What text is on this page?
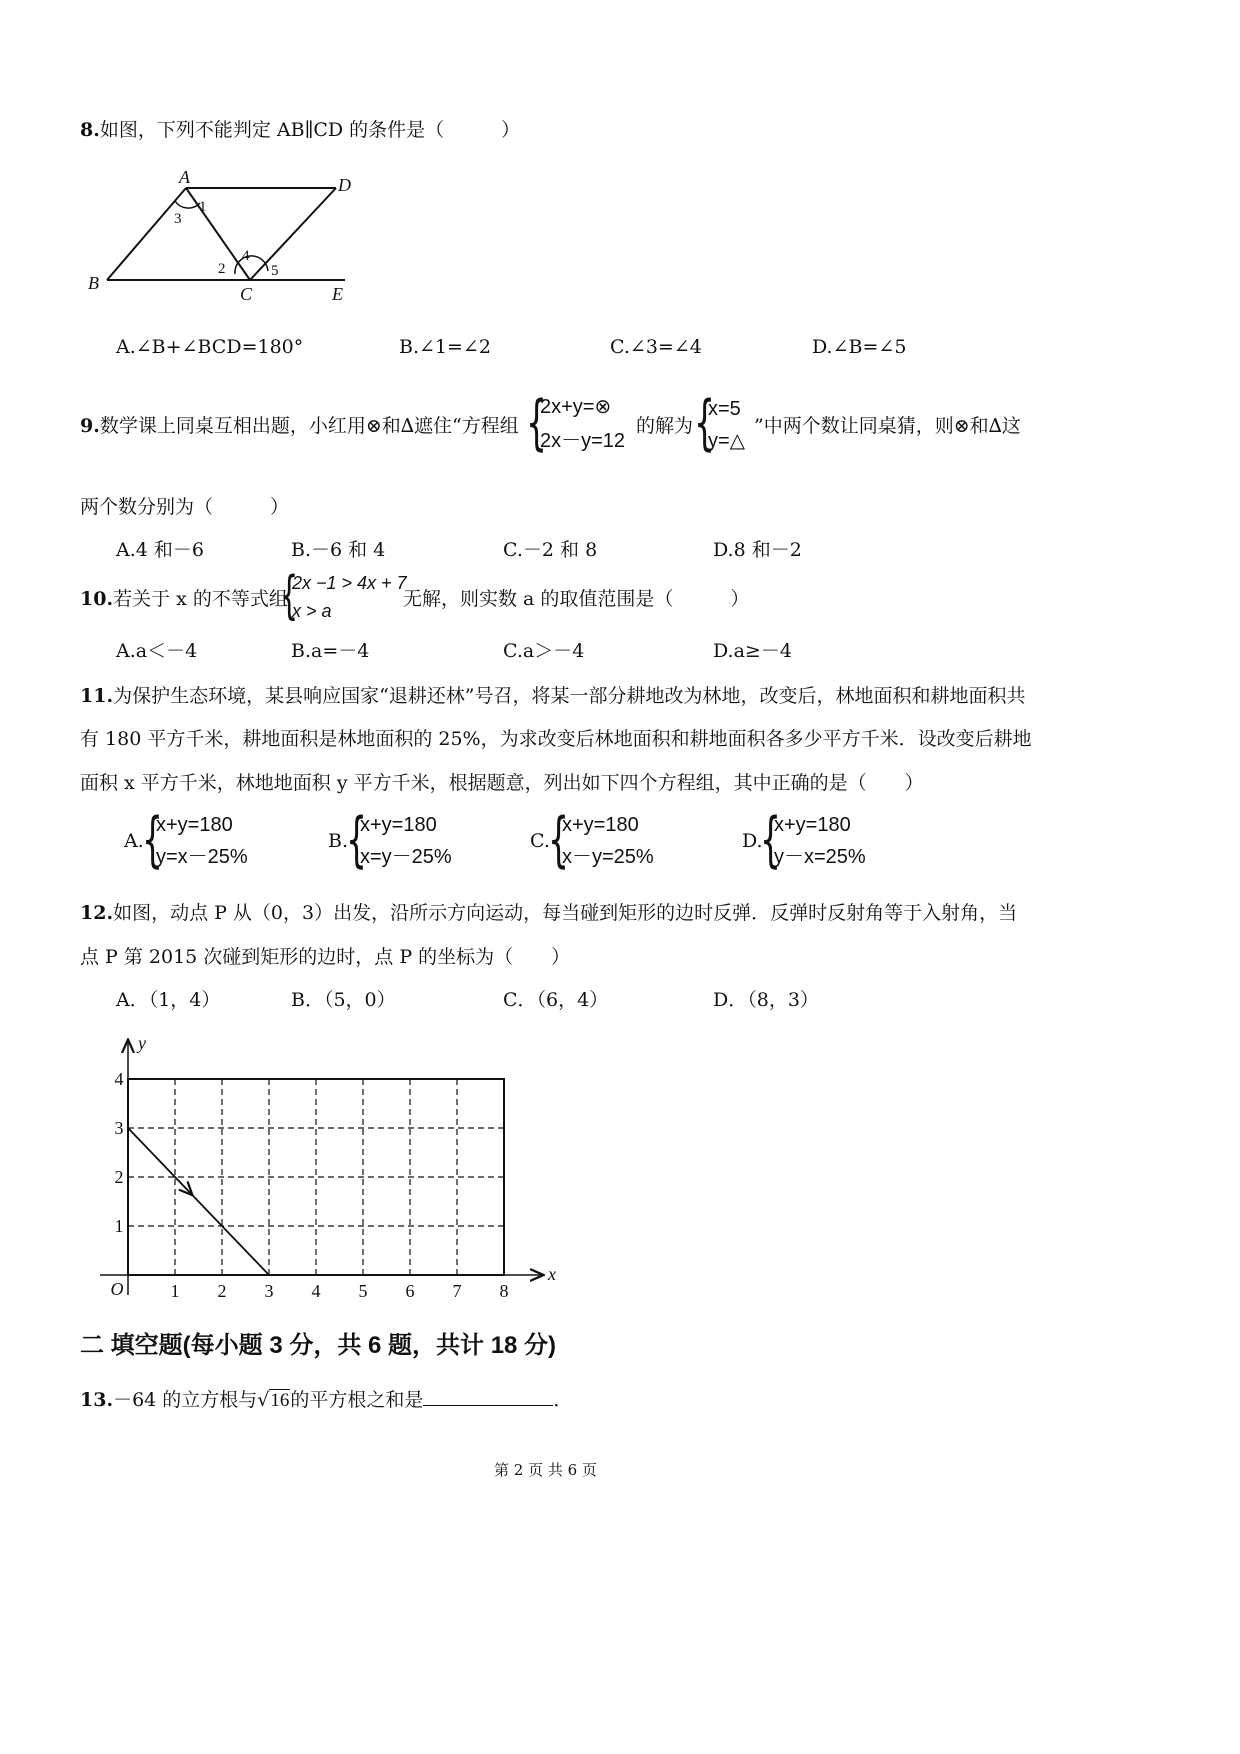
8.如图，下列不能判定 AB∥CD 的条件是（　　　）
A
B
C
D
E
1
2
3
4
5
A.∠B+∠BCD=180°	B.∠1=∠2	C.∠3=∠4	D.∠B=∠5
9.数学课上同桌互相出题，小红用⊗和∆遮住“方程组 {
2x+y=⊗
2x－y=12
的解为 {
x=5
y=△
”中两个数让同桌猜，则⊗和∆这
两个数分别为（　　　）
A.4 和－6	B.－6 和 4	C.－2 和 8	D.8 和－2
10.若关于 x 的不等式组
{
2x −1 > 4x + 7
x > a
无解，则实数 a 的取值范围是（　　　）
A.a＜－4	B.a=－4	C.a＞－4	D.a≥－4
11.为保护生态环境，某县响应国家“退耕还林”号召，将某一部分耕地改为林地，改变后，林地面积和耕地面积共
有 180 平方千米，耕地面积是林地面积的 25%，为求改变后林地面积和耕地面积各多少平方千米．设改变后耕地
面积 x 平方千米，林地地面积 y 平方千米，根据题意，列出如下四个方程组，其中正确的是（　　）
A.
{
x+y=180
y=x－25%
B.
{
x+y=180
x=y－25%
C.
{
x+y=180
x－y=25%
D.
{
x+y=180
y－x=25%
12.如图，动点 P 从（0，3）出发，沿所示方向运动，每当碰到矩形的边时反弹．反弹时反射角等于入射角，当
点 P 第 2015 次碰到矩形的边时，点 P 的坐标为（　　）
A．（1，4）	B．（5，0）	C．（6，4）	D．（8，3）
1 2 3 4 5 6 7 8
1
2
3
4
O
x
y
二 填空题(每小题 3 分，共 6 题，共计 18 分)
13.－64 的立方根与√16的平方根之和是	．
第 2 页 共 6 页
